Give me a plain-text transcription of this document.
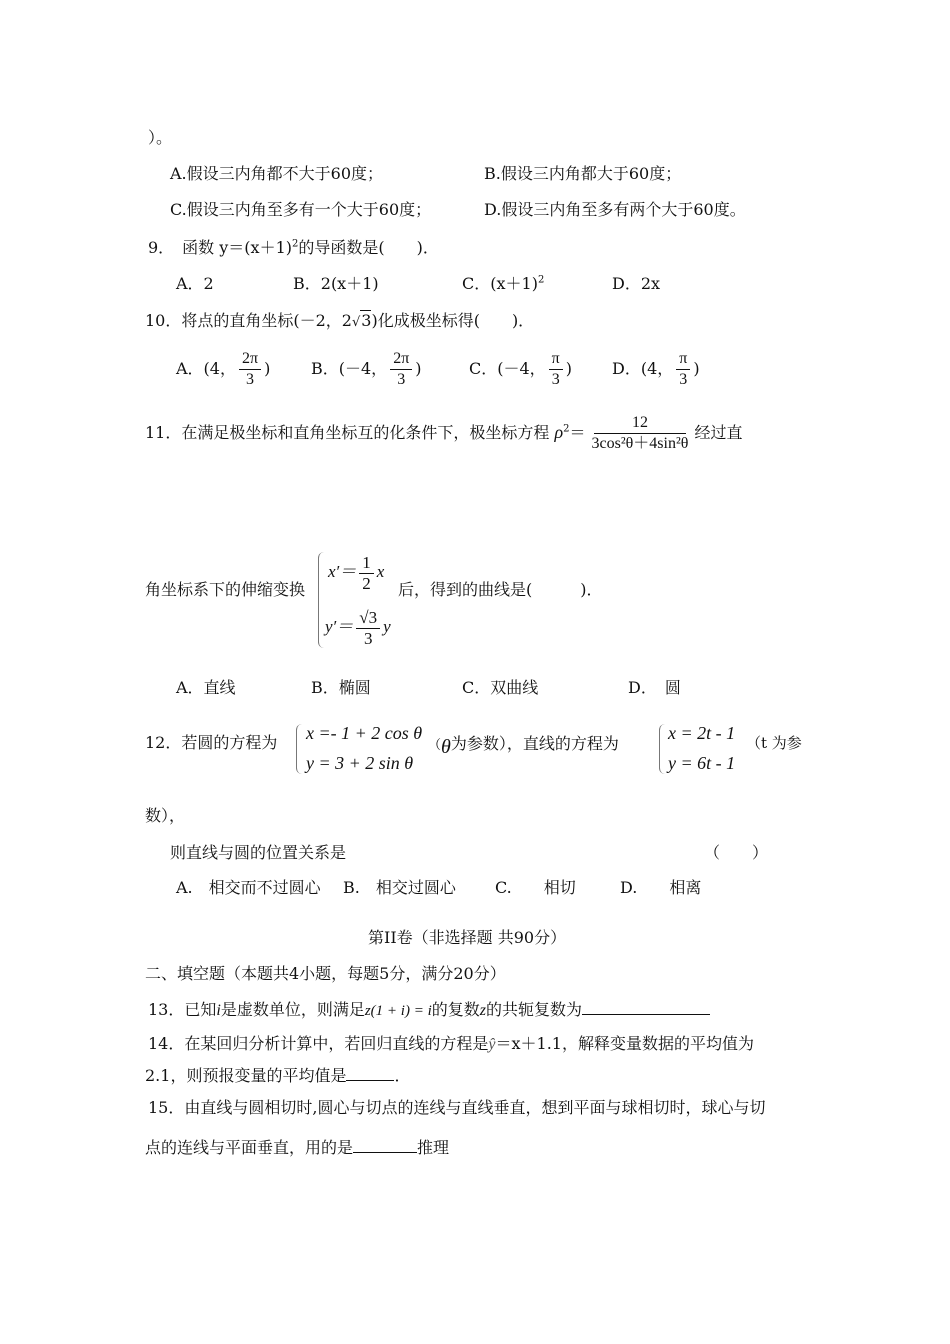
）。
A.假设三内角都不大于60度；	B.假设三内角都大于60度；
C.假设三内角至多有一个大于60度；	D.假设三内角至多有两个大于60度。
9．　函数 $y=(x+1)^2$的导函数是(　　)．
A．2	B．2(x＋1)	C．$(x+1)^2$	D．2x
10．将点的直角坐标(－2，2√3)化成极坐标得(　　)．
A．(4， $\frac{2\pi}{3}$ )	B．(－4， $\frac{2\pi}{3}$ )	C．(－4， $\frac{\pi}{3}$ )	D．(4， $\frac{\pi}{3}$ )
11．在满足极坐标和直角坐标互的化条件下，极坐标方程 $\rho^2= \frac{12}{\text{3cos²θ＋4sin²θ}}$ 经过直
角坐标系下的伸缩变换
$x'= \frac{1}{2}$ x
$y'= \frac{√3}{3}$ y
后，得到的曲线是(　　　)．
A．直线	B．椭圆	C．双曲线	D．　圆
12．若圆的方程为 x =- 1 + 2 cos θ
y = 3 + 2 sin θ
（θ为参数），直线的方程为
x = 2t - 1
y = 6t - 1
（t 为参
数），
则直线与圆的位置关系是	（　　）
A.　相交而不过圆心 B.　相交过圆心 C.　　相切	D.　　相离
第II卷（非选择题 共90分）
二、填空题（本题共4小题，每题5分，满分20分）
13．已知i是虚数单位，则满足z(1 + i) = i的复数z的共轭复数为
14．在某回归分析计算中，若回归直线的方程是ŷ＝x＋1.1，解释变量数据的平均值为
2.1，则预报变量的平均值是	．
15．由直线与圆相切时,圆心与切点的连线与直线垂直，想到平面与球相切时，球心与切
点的连线与平面垂直，用的是	推理
